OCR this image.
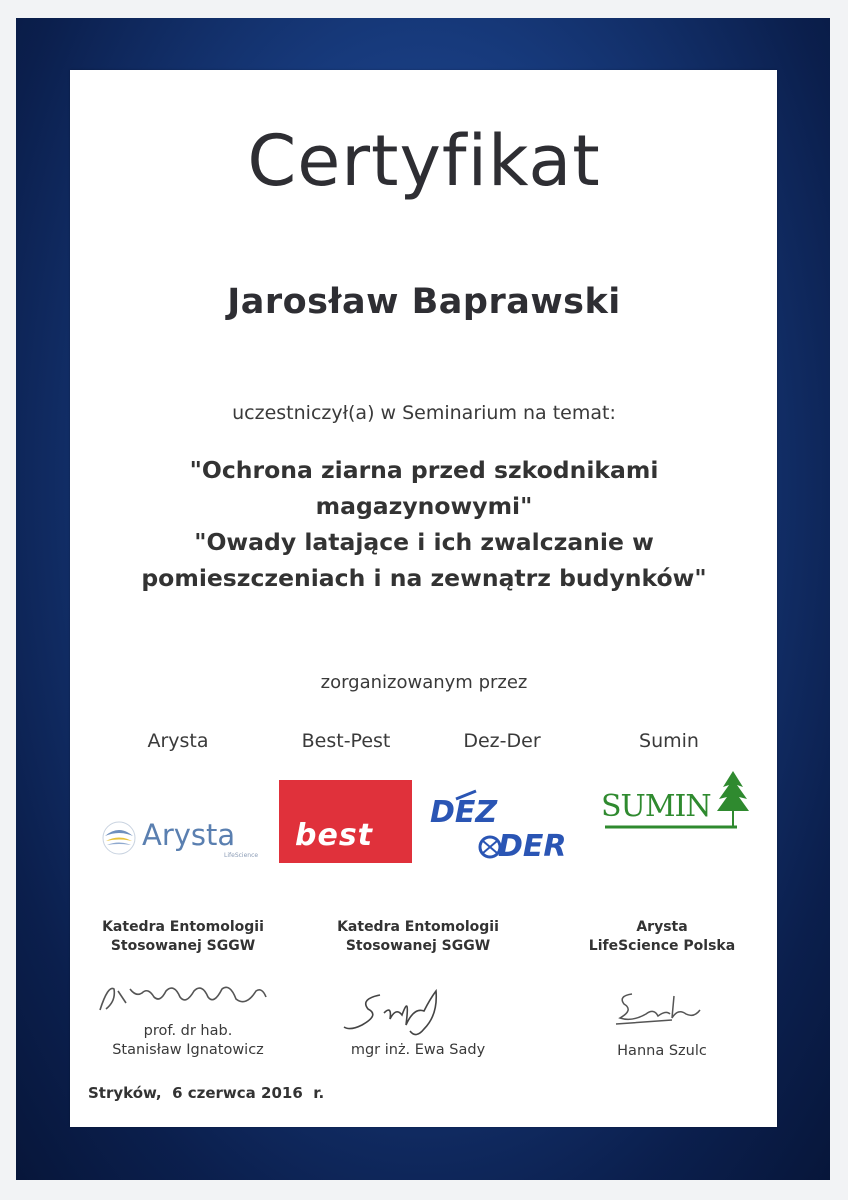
Certyfikat
Jarosław Baprawski
uczestniczył(a) w Seminarium na temat:
"Ochrona ziarna przed szkodnikami
magazynowymi"
"Owady latające i ich zwalczanie w
pomieszczeniach i na zewnątrz budynków"
zorganizowanym przez
Arysta	Best-Pest	Dez-Der	Sumin
Arysta
LifeScience
best
DEZ
DER
SUMIN
Katedra Entomologii
Stosowanej SGGW
Katedra Entomologii
Stosowanej SGGW
Arysta
LifeScience Polska
prof. dr hab.
Stanisław Ignatowicz	mgr inż. Ewa Sady	Hanna Szulc
Stryków,  6 czerwca 2016  r.
